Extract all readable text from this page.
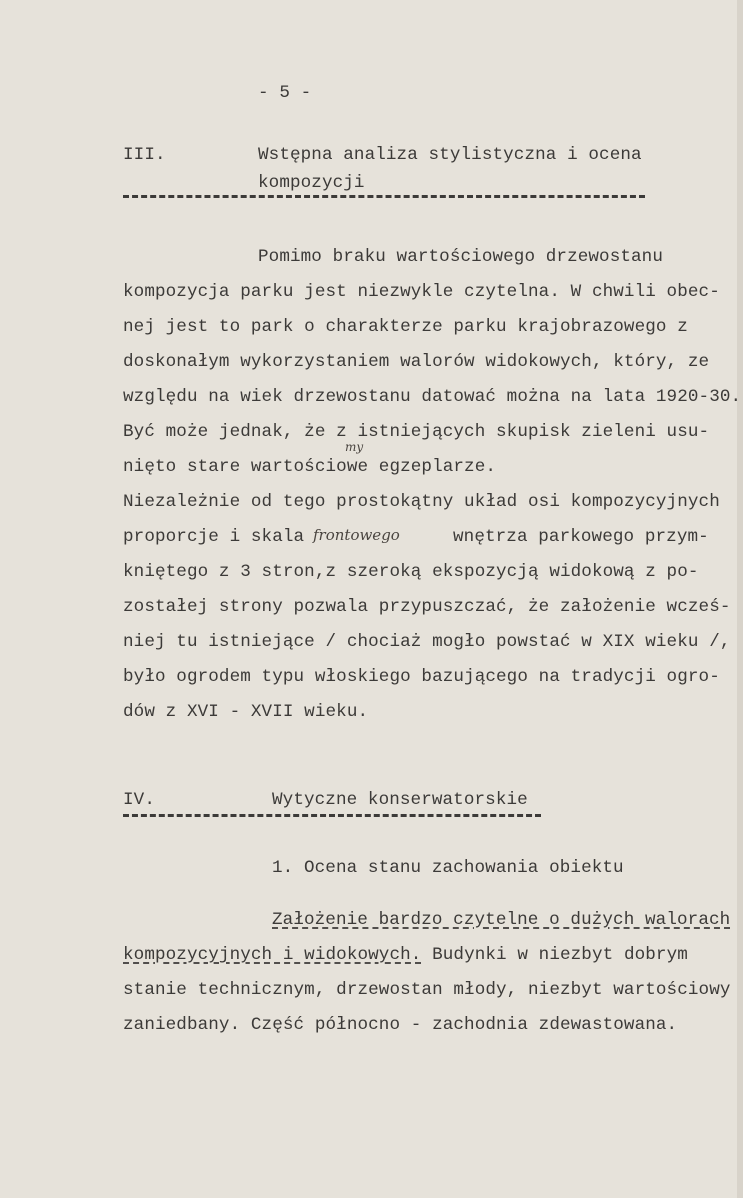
- 5 -
III.	Wstępna analiza stylistyczna i ocena
kompozycji
Pomimo braku wartościowego drzewostanu
kompozycja parku jest niezwykle czytelna. W chwili obec-
nej jest to park o charakterze parku krajobrazowego z
doskonałym wykorzystaniem walorów widokowych, który, ze
względu na wiek drzewostanu datować można na lata 1920-30.
Być może jednak, że z istniejących skupisk zieleni usu-
nięto stare wartościowe egzeplarze.
my
Niezależnie od tego prostokątny układ osi kompozycyjnych
proporcje i skala frontowego	wnętrza parkowego przym-
kniętego z 3 stron,z szeroką ekspozycją widokową z po-
zostałej strony pozwala przypuszczać, że założenie wcześ-
niej tu istniejące / chociaż mogło powstać w XIX wieku /,
było ogrodem typu włoskiego bazującego na tradycji ogro-
dów z XVI - XVII wieku.
IV.	Wytyczne konserwatorskie
1. Ocena stanu zachowania obiektu
Założenie bardzo czytelne o dużych walorach
kompozycyjnych i widokowych. Budynki w niezbyt dobrym
stanie technicznym, drzewostan młody, niezbyt wartościowy
zaniedbany. Część północno - zachodnia zdewastowana.
